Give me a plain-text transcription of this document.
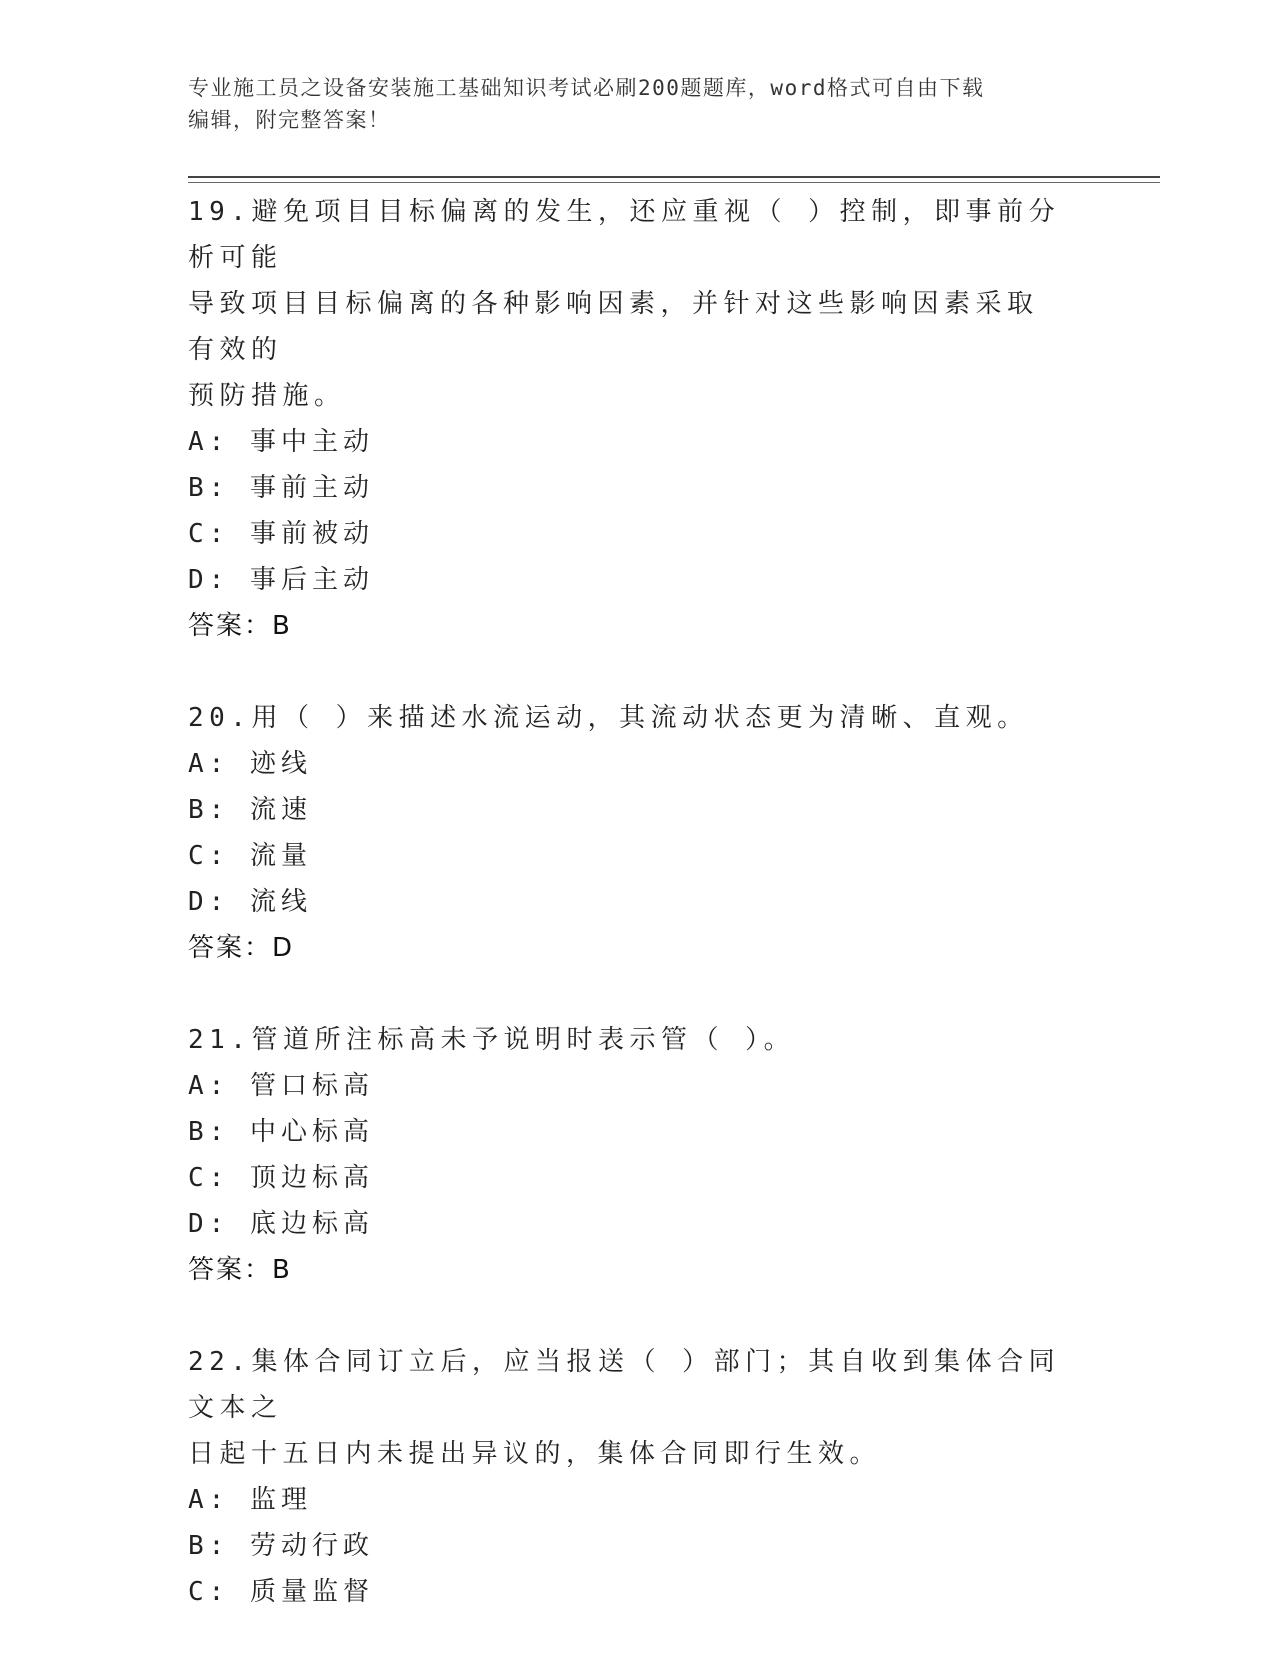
专业施工员之设备安装施工基础知识考试必刷200题题库，word格式可自由下载
编辑，附完整答案！
19.避免项目目标偏离的发生，还应重视（ ）控制，即事前分析可能
导致项目目标偏离的各种影响因素，并针对这些影响因素采取有效的
预防措施。
A: 事中主动
B: 事前主动
C: 事前被动
D: 事后主动
答案：B
20.用（ ）来描述水流运动，其流动状态更为清晰、直观。
A: 迹线
B: 流速
C: 流量
D: 流线
答案：D
21.管道所注标高未予说明时表示管（ ）。
A: 管口标高
B: 中心标高
C: 顶边标高
D: 底边标高
答案：B
22.集体合同订立后，应当报送（ ）部门；其自收到集体合同文本之
日起十五日内未提出异议的，集体合同即行生效。
A: 监理
B: 劳动行政
C: 质量监督
